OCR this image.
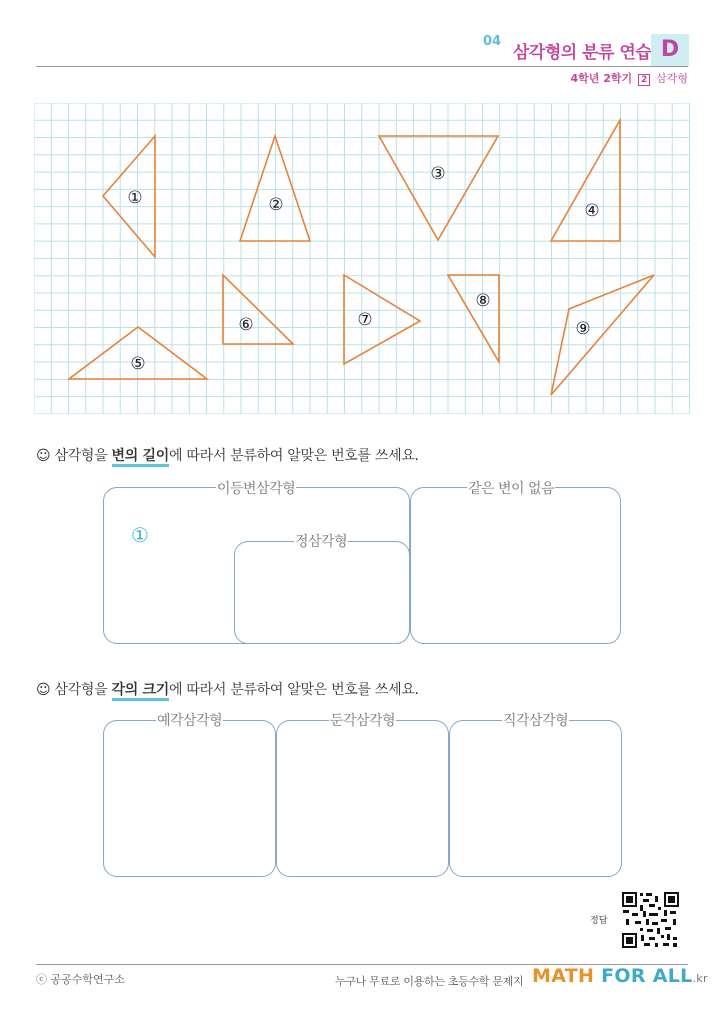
04
삼각형의 분류 연습 D
4학년 2학기 2 삼각형
①	②
③
④
⑤
⑥	⑦
⑧
⑨
☺ 삼각형을 변의 길이에 따라서 분류하여 알맞은 번호를 쓰세요.
이등변삼각형
①	정삼각형
같은 변이 없음
☺ 삼각형을 각의 크기에 따라서 분류하여 알맞은 번호를 쓰세요.
예각삼각형	둔각삼각형	직각삼각형
정답
ⓒ 공공수학연구소	누구나 무료로 이용하는 초등수학 문제지 MATH FOR ALL.kr
